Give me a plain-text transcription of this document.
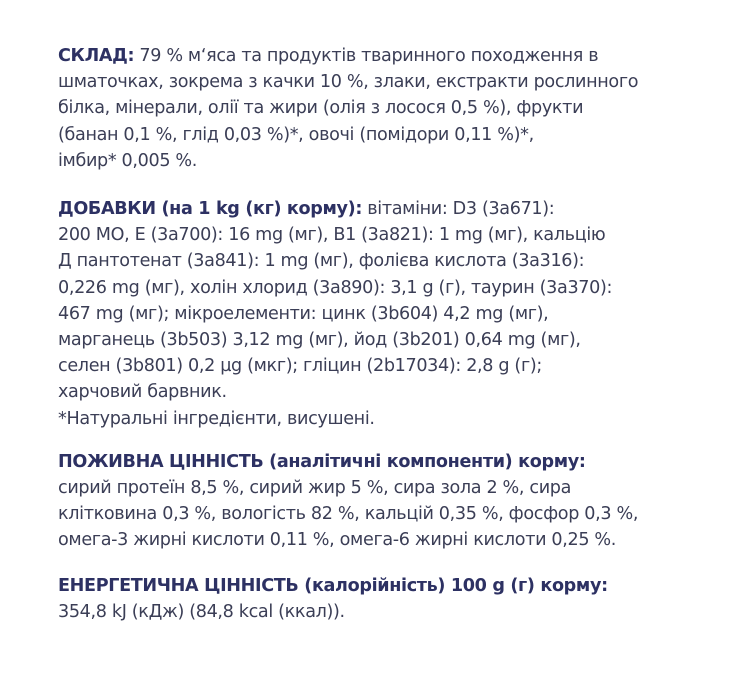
СКЛАД: 79 % м‘яса та продуктів тваринного походження в
шматочках, зокрема з качки 10 %, злаки, екстракти рослинного
білка, мінерали, олії та жири (олія з лосося 0,5 %), фрукти
(банан 0,1 %, глід 0,03 %)*, овочі (помідори 0,11 %)*,
імбир* 0,005 %.
ДОБАВКИ (на 1 kg (кг) корму): вітаміни: D3 (3a671):
200 МО, E (3a700): 16 mg (мг), B1 (3a821): 1 mg (мг), кальцію
Д пантотенат (3a841): 1 mg (мг), фолієва кислота (3a316):
0,226 mg (мг), холін хлорид (3a890): 3,1 g (г), таурин (3a370):
467 mg (мг); мікроелементи: цинк (3b604) 4,2 mg (мг),
марганець (3b503) 3,12 mg (мг), йод (3b201) 0,64 mg (мг),
селен (3b801) 0,2 µg (мкг); гліцин (2b17034): 2,8 g (г);
харчовий барвник.
*Натуральні інгредієнти, висушені.
ПОЖИВНА ЦІННІСТЬ (аналітичні компоненти) корму:
сирий протеїн 8,5 %, сирий жир 5 %, сира зола 2 %, сира
клітковина 0,3 %, вологість 82 %, кальцій 0,35 %, фосфор 0,3 %,
омега-3 жирні кислоти 0,11 %, омега-6 жирні кислоти 0,25 %.
ЕНЕРГЕТИЧНА ЦІННІСТЬ (калорійність) 100 g (г) корму:
354,8 kJ (кДж) (84,8 kcal (ккал)).
